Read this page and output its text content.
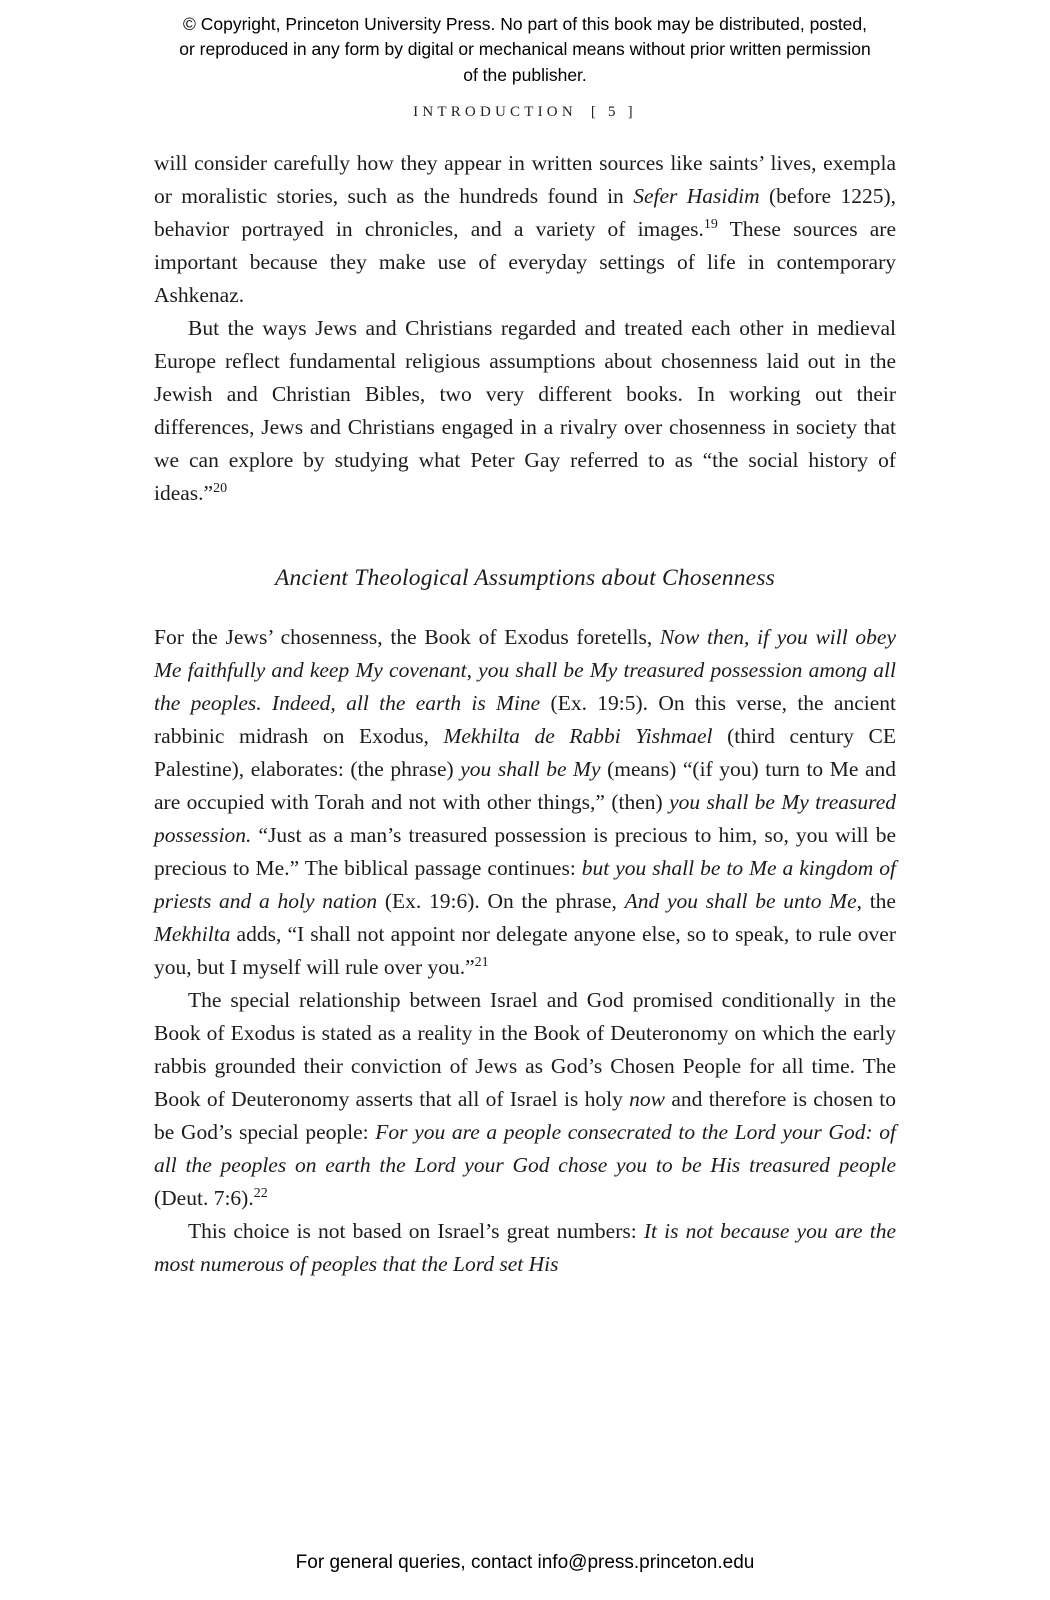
© Copyright, Princeton University Press. No part of this book may be distributed, posted, or reproduced in any form by digital or mechanical means without prior written permission of the publisher.
INTRODUCTION [ 5 ]

will consider carefully how they appear in written sources like saints’ lives, exempla or moralistic stories, such as the hundreds found in Sefer Hasidim (before 1225), behavior portrayed in chronicles, and a variety of images.$^{19}$ These sources are important because they make use of everyday settings of life in contemporary Ashkenaz.

But the ways Jews and Christians regarded and treated each other in medieval Europe reflect fundamental religious assumptions about chosenness laid out in the Jewish and Christian Bibles, two very different books. In working out their differences, Jews and Christians engaged in a rivalry over chosenness in society that we can explore by studying what Peter Gay referred to as “the social history of ideas.”$^{20}$

Ancient Theological Assumptions about Chosenness

For the Jews’ chosenness, the Book of Exodus foretells, Now then, if you will obey Me faithfully and keep My covenant, you shall be My treasured possession among all the peoples. Indeed, all the earth is Mine (Ex. 19:5). On this verse, the ancient rabbinic midrash on Exodus, Mekhilta de Rabbi Yishmael (third century CE Palestine), elaborates: (the phrase) you shall be My (means) “(if you) turn to Me and are occupied with Torah and not with other things,” (then) you shall be My treasured possession. “Just as a man’s treasured possession is precious to him, so, you will be precious to Me.” The biblical passage continues: but you shall be to Me a kingdom of priests and a holy nation (Ex. 19:6). On the phrase, And you shall be unto Me, the Mekhilta adds, “I shall not appoint nor delegate anyone else, so to speak, to rule over you, but I myself will rule over you.”$^{21}$

The special relationship between Israel and God promised conditionally in the Book of Exodus is stated as a reality in the Book of Deuteronomy on which the early rabbis grounded their conviction of Jews as God’s Chosen People for all time. The Book of Deuteronomy asserts that all of Israel is holy now and therefore is chosen to be God’s special people: For you are a people consecrated to the Lord your God: of all the peoples on earth the Lord your God chose you to be His treasured people (Deut. 7:6).$^{22}$

This choice is not based on Israel’s great numbers: It is not because you are the most numerous of peoples that the Lord set His

For general queries, contact info@press.princeton.edu
